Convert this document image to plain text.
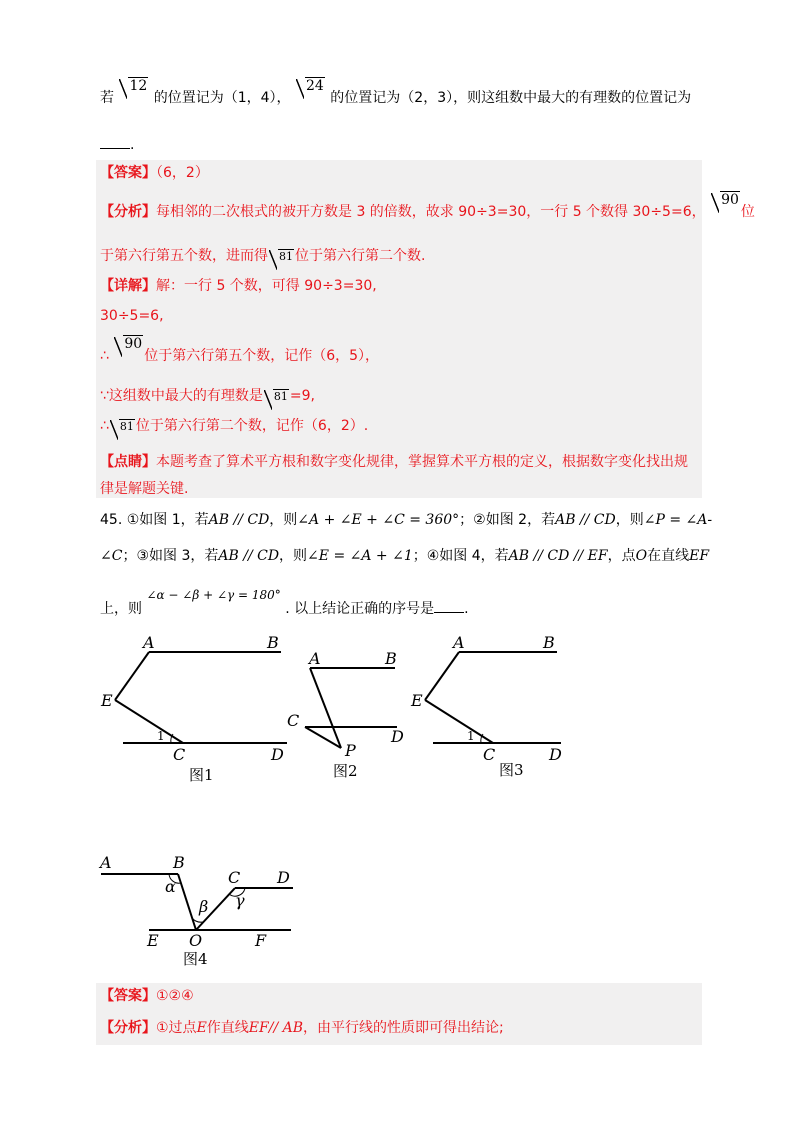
若 12 的位置记为（1，4）， 24 的位置记为（2，3），则这组数中最大的有理数的位置记为
.
【答案】（6，2）
【分析】每相邻的二次根式的被开方数是 3 的倍数，故求 90÷3=30，一行 5 个数得 30÷5=6， 90位
于第六行第五个数，进而得 81 位于第六行第二个数.
【详解】解：一行 5 个数，可得 90÷3=30,
30÷5=6,
∴ 90位于第六行第五个数，记作（6，5），
∵这组数中最大的有理数是 81 =9,
∴ 81 位于第六行第二个数，记作（6，2）.
【点睛】本题考查了算术平方根和数字变化规律，掌握算术平方根的定义，根据数字变化找出规
律是解题关键.
45. ①如图 1，若AB // CD，则∠A + ∠E + ∠C = 360°；②如图 2，若AB // CD，则∠P = ∠A-
∠C；③如图 3，若AB // CD，则∠E = ∠A + ∠1；④如图 4，若AB // CD // EF，点O在直线EF
上，则 ∠α − ∠β + ∠γ = 180° . 以上结论正确的序号是 .
A	B
E
C	D
1
图1
A	B
C
D
P
图2
A	B
E
C	D
1
图3
A	B
C D
E O	F
α
β γ
图4
【答案】①②④
【分析】①过点E作直线EF// AB，由平行线的性质即可得出结论;
